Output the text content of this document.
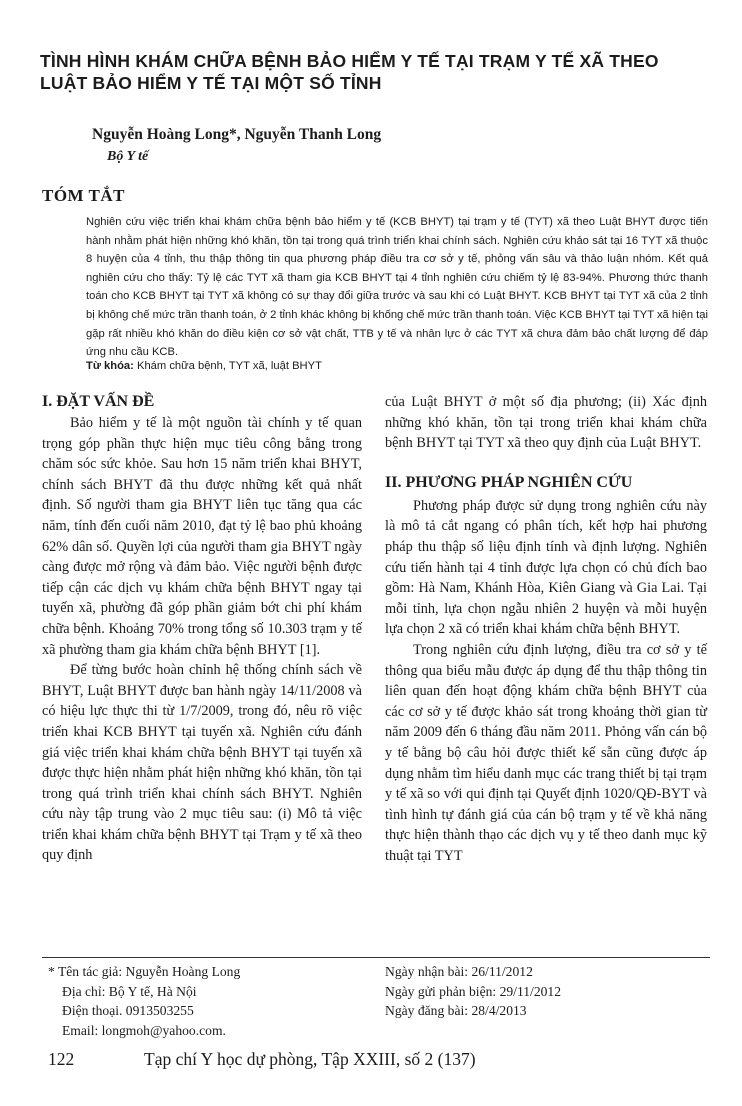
TÌNH HÌNH KHÁM CHỮA BỆNH BẢO HIỂM Y TẾ TẠI TRẠM Y TẾ XÃ THEO LUẬT BẢO HIỂM Y TẾ TẠI MỘT SỐ TỈNH
Nguyễn Hoàng Long*, Nguyễn Thanh Long
Bộ Y tế
TÓM TẮT

Nghiên cứu việc triển khai khám chữa bệnh bảo hiểm y tế (KCB BHYT) tại trạm y tế (TYT) xã theo Luật BHYT được tiến hành nhằm phát hiện những khó khăn, tồn tại trong quá trình triển khai chính sách. Nghiên cứu khảo sát tại 16 TYT xã thuộc 8 huyện của 4 tỉnh, thu thập thông tin qua phương pháp điều tra cơ sở y tế, phỏng vấn sâu và thảo luận nhóm. Kết quả nghiên cứu cho thấy: Tỷ lệ các TYT xã tham gia KCB BHYT tại 4 tỉnh nghiên cứu chiếm tỷ lệ 83-94%. Phương thức thanh toán cho KCB BHYT tại TYT xã không có sự thay đổi giữa trước và sau khi có Luật BHYT. KCB BHYT tại TYT xã của 2 tỉnh bị không chế mức trần thanh toán, ở 2 tỉnh khác không bị khống chế mức trần thanh toán. Việc KCB BHYT tại TYT xã hiện tại gặp rất nhiều khó khăn do điều kiện cơ sở vật chất, TTB y tế và nhân lực ở các TYT xã chưa đảm bảo chất lượng để đáp ứng nhu cầu KCB.

Từ khóa: Khám chữa bệnh, TYT xã, luật BHYT
I. ĐẶT VẤN ĐỀ

Bảo hiểm y tế là một nguồn tài chính y tế quan trọng góp phần thực hiện mục tiêu công bằng trong chăm sóc sức khỏe. Sau hơn 15 năm triển khai BHYT, chính sách BHYT đã thu được những kết quả nhất định. Số người tham gia BHYT liên tục tăng qua các năm, tính đến cuối năm 2010, đạt tỷ lệ bao phủ khoảng 62% dân số. Quyền lợi của người tham gia BHYT ngày càng được mở rộng và đảm bảo. Việc người bệnh được tiếp cận các dịch vụ khám chữa bệnh BHYT ngay tại tuyến xã, phường đã góp phần giảm bớt chi phí khám chữa bệnh. Khoảng 70% trong tổng số 10.303 trạm y tế xã phường tham gia khám chữa bệnh BHYT [1].

Để từng bước hoàn chỉnh hệ thống chính sách về BHYT, Luật BHYT được ban hành ngày 14/11/2008 và có hiệu lực thực thi từ 1/7/2009, trong đó, nêu rõ việc triển khai KCB BHYT tại tuyến xã. Nghiên cứu đánh giá việc triển khai khám chữa bệnh BHYT tại tuyến xã được thực hiện nhằm phát hiện những khó khăn, tồn tại trong quá trình triển khai chính sách BHYT. Nghiên cứu này tập trung vào 2 mục tiêu sau: (i) Mô tả việc triển khai khám chữa bệnh BHYT tại Trạm y tế xã theo quy định

của Luật BHYT ở một số địa phương; (ii) Xác định những khó khăn, tồn tại trong triển khai khám chữa bệnh BHYT tại TYT xã theo quy định của Luật BHYT.

II. PHƯƠNG PHÁP NGHIÊN CỨU

Phương pháp được sử dụng trong nghiên cứu này là mô tả cắt ngang có phân tích, kết hợp hai phương pháp thu thập số liệu định tính và định lượng. Nghiên cứu tiến hành tại 4 tỉnh được lựa chọn có chủ đích bao gồm: Hà Nam, Khánh Hòa, Kiên Giang và Gia Lai. Tại mỗi tỉnh, lựa chọn ngẫu nhiên 2 huyện và mỗi huyện lựa chọn 2 xã có triển khai khám chữa bệnh BHYT.

Trong nghiên cứu định lượng, điều tra cơ sở y tế thông qua biểu mẫu được áp dụng để thu thập thông tin liên quan đến hoạt động khám chữa bệnh BHYT của các cơ sở y tế được khảo sát trong khoảng thời gian từ năm 2009 đến 6 tháng đầu năm 2011. Phỏng vấn cán bộ y tế bằng bộ câu hỏi được thiết kế sẵn cũng được áp dụng nhằm tìm hiểu danh mục các trang thiết bị tại trạm y tế xã so với qui định tại Quyết định 1020/QĐ-BYT và tình hình tự đánh giá của cán bộ trạm y tế về khả năng thực hiện thành thạo các dịch vụ y tế theo danh mục kỹ thuật tại TYT

* Tên tác giả: Nguyễn Hoàng Long
Địa chỉ: Bộ Y tế, Hà Nội
Điện thoại. 0913503255
Email: longmoh@yahoo.com.
Ngày nhận bài: 26/11/2012
Ngày gửi phản biện: 29/11/2012
Ngày đăng bài: 28/4/2013
122	Tạp chí Y học dự phòng, Tập XXIII, số 2 (137)
